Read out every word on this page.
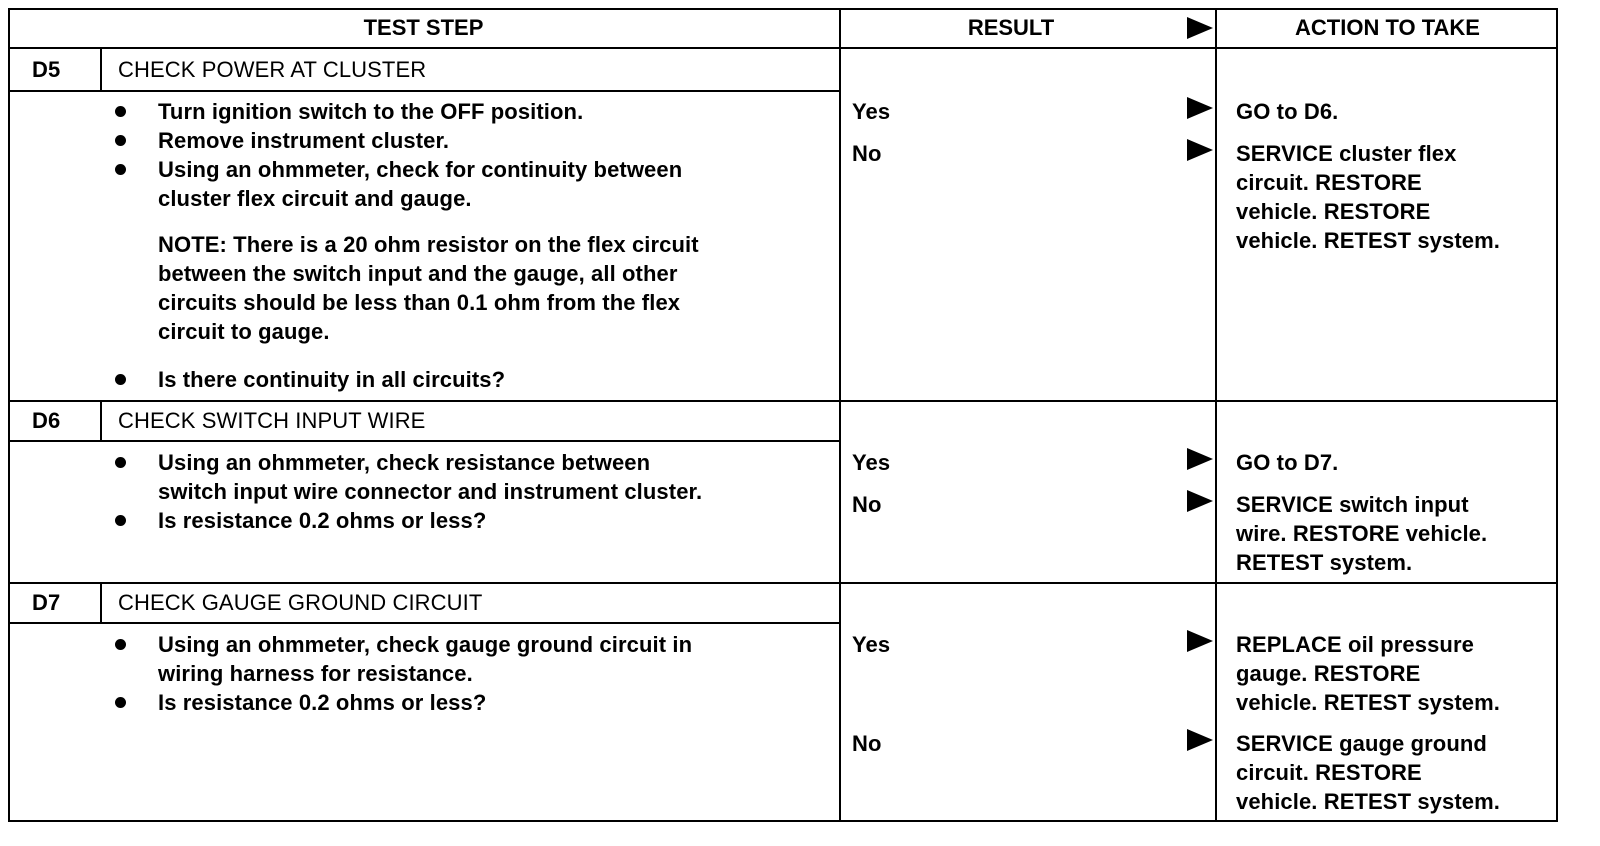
TEST STEP	RESULT	ACTION TO TAKE
D5	CHECK POWER AT CLUSTER
Turn ignition switch to the OFF position.
Remove instrument cluster.
Using an ohmmeter, check for continuity between
cluster flex circuit and gauge.
NOTE: There is a 20 ohm resistor on the flex circuit
between the switch input and the gauge, all other
circuits should be less than 0.1 ohm from the flex
circuit to gauge.
Is there continuity in all circuits?
Yes	GO to D6.
No	SERVICE cluster flex
circuit. RESTORE
vehicle. RESTORE
vehicle. RETEST system.
D6	CHECK SWITCH INPUT WIRE
Using an ohmmeter, check resistance between
switch input wire connector and instrument cluster.
Is resistance 0.2 ohms or less?
Yes	GO to D7.
No	SERVICE switch input
wire. RESTORE vehicle.
RETEST system.
D7	CHECK GAUGE GROUND CIRCUIT
Using an ohmmeter, check gauge ground circuit in
wiring harness for resistance.
Is resistance 0.2 ohms or less?
Yes	REPLACE oil pressure
gauge. RESTORE
vehicle. RETEST system.
No	SERVICE gauge ground
circuit. RESTORE
vehicle. RETEST system.
